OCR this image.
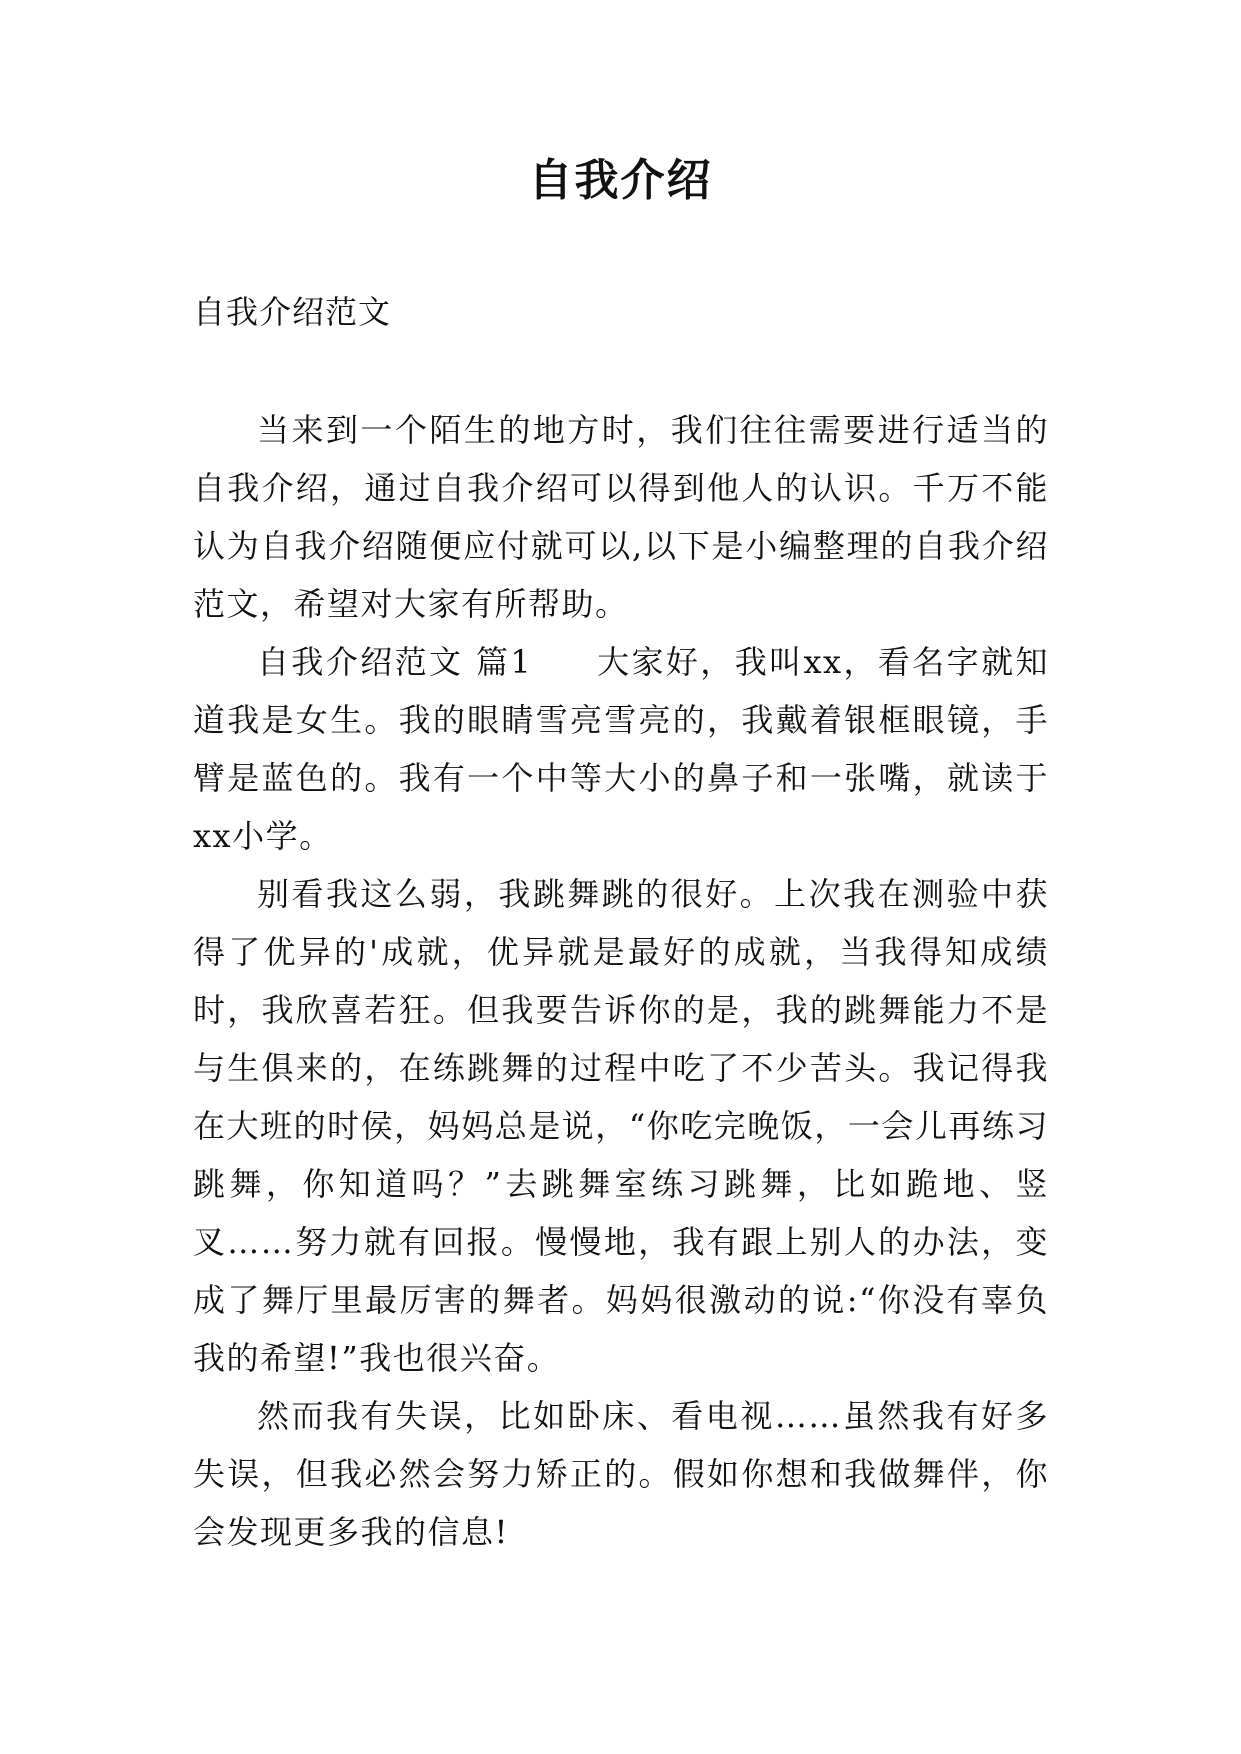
自我介绍

自我介绍范文

当来到一个陌生的地方时，我们往往需要进行适当的自我介绍，通过自我介绍可以得到他人的认识。千万不能认为自我介绍随便应付就可以,以下是小编整理的自我介绍范文，希望对大家有所帮助。

自我介绍范文 篇1 大家好，我叫xx，看名字就知道我是女生。我的眼睛雪亮雪亮的，我戴着银框眼镜，手臂是蓝色的。我有一个中等大小的鼻子和一张嘴，就读于xx小学。

别看我这么弱，我跳舞跳的很好。上次我在测验中获得了优异的'成就，优异就是最好的成就，当我得知成绩时，我欣喜若狂。但我要告诉你的是，我的跳舞能力不是与生俱来的，在练跳舞的过程中吃了不少苦头。我记得我在大班的时侯，妈妈总是说，“你吃完晚饭，一会儿再练习跳舞，你知道吗？”去跳舞室练习跳舞，比如跪地、竖叉……努力就有回报。慢慢地，我有跟上别人的办法，变成了舞厅里最厉害的舞者。妈妈很激动的说:“你没有辜负我的希望!”我也很兴奋。

然而我有失误，比如卧床、看电视……虽然我有好多失误，但我必然会努力矫正的。假如你想和我做舞伴，你会发现更多我的信息!
